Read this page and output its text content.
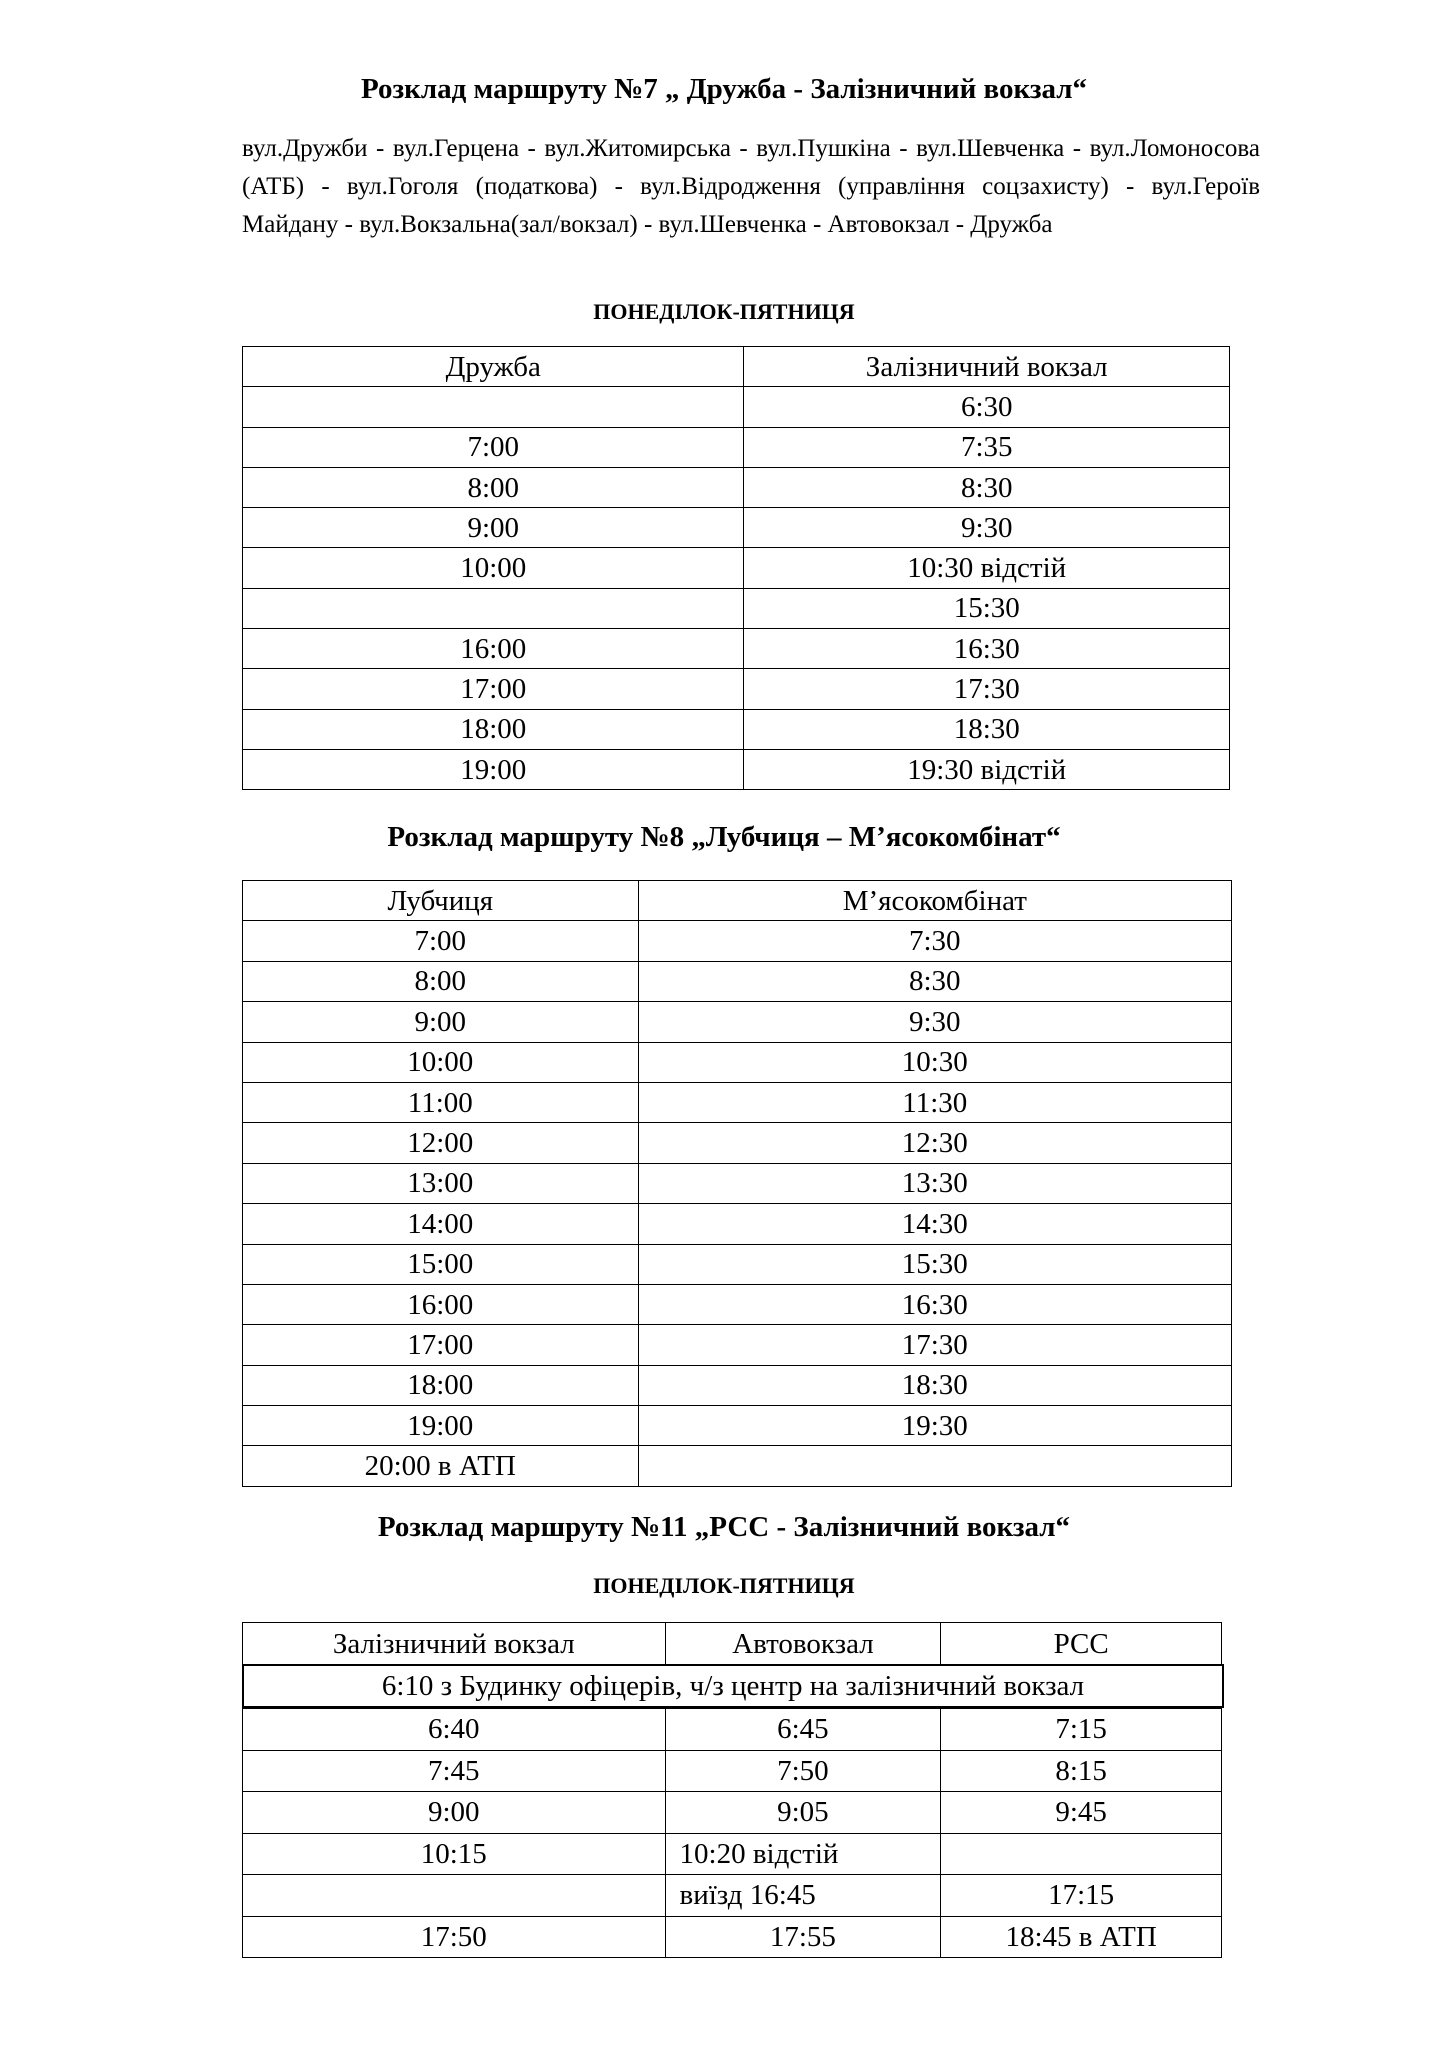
Розклад маршруту №7 „ Дружба - Залізничний вокзал“
вул.Дружби - вул.Герцена - вул.Житомирська - вул.Пушкіна - вул.Шевченка - вул.Ломоносова (АТБ) - вул.Гоголя (податкова) - вул.Відродження (управління соцзахисту) - вул.Героїв Майдану - вул.Вокзальна(зал/вокзал) - вул.Шевченка - Автовокзал - Дружба
ПОНЕДІЛОК-ПЯТНИЦЯ
Дружба	Залізничний вокзал
	6:30
7:00	7:35
8:00	8:30
9:00	9:30
10:00	10:30 відстій
	15:30
16:00	16:30
17:00	17:30
18:00	18:30
19:00	19:30 відстій
Розклад маршруту №8 „Лубчиця – М’ясокомбінат“
Лубчиця	М’ясокомбінат
7:00	7:30
8:00	8:30
9:00	9:30
10:00	10:30
11:00	11:30
12:00	12:30
13:00	13:30
14:00	14:30
15:00	15:30
16:00	16:30
17:00	17:30
18:00	18:30
19:00	19:30
20:00 в АТП	
Розклад маршруту №11 „РСС - Залізничний вокзал“
ПОНЕДІЛОК-ПЯТНИЦЯ
Залізничний вокзал	Автовокзал	РСС
6:10 з Будинку офіцерів, ч/з центр на залізничний вокзал
6:40	6:45	7:15
7:45	7:50	8:15
9:00	9:05	9:45
10:15	10:20 відстій	
	виїзд 16:45	17:15
17:50	17:55	18:45 в АТП
